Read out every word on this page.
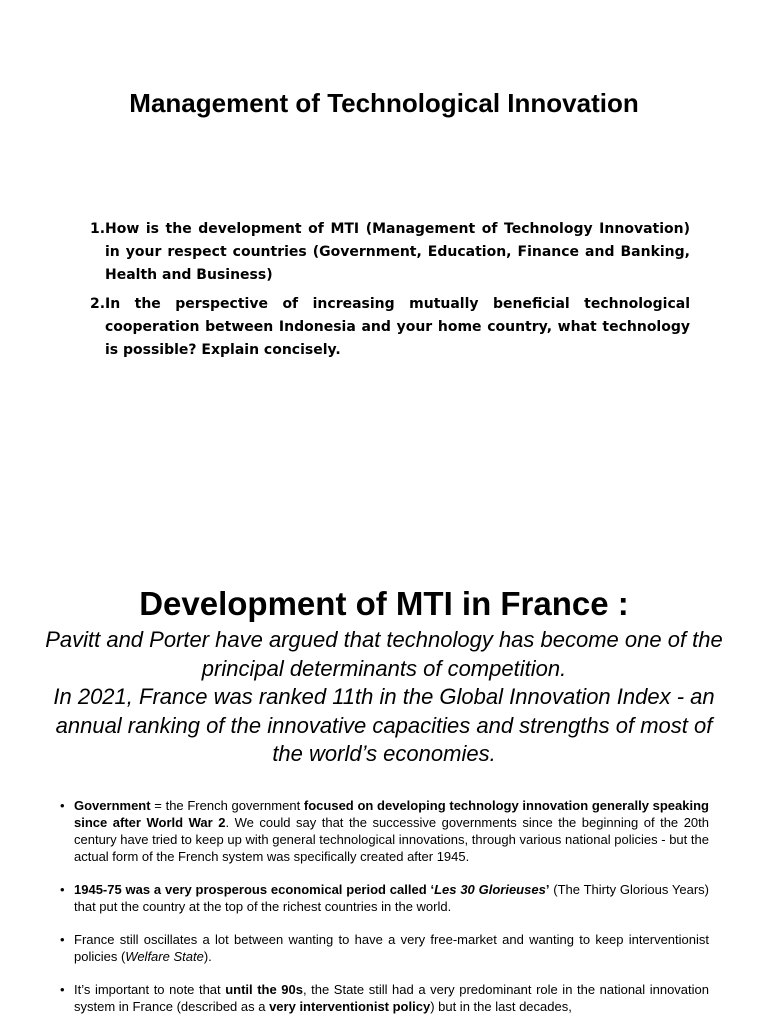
Management of Technological Innovation
1. How is the development of MTI (Management of Technology Innovation) in your respect countries (Government, Education, Finance and Banking, Health and Business)
2. In the perspective of increasing mutually beneficial technological cooperation between Indonesia and your home country, what technology is possible? Explain concisely.
Development of MTI in France :

Pavitt and Porter have argued that technology has become one of the principal determinants of competition.

In 2021, France was ranked 11th in the Global Innovation Index - an annual ranking of the innovative capacities and strengths of most of the world’s economies.

• Government = the French government focused on developing technology innovation generally speaking since after World War 2. We could say that the successive governments since the beginning of the 20th century have tried to keep up with general technological innovations, through various national policies - but the actual form of the French system was specifically created after 1945.
• 1945-75 was a very prosperous economical period called ‘Les 30 Glorieuses’ (The Thirty Glorious Years) that put the country at the top of the richest countries in the world.
• France still oscillates a lot between wanting to have a very free-market and wanting to keep interventionist policies (Welfare State).
• It’s important to note that until the 90s, the State still had a very predominant role in the national innovation system in France (described as a very interventionist policy) but in the last decades,
